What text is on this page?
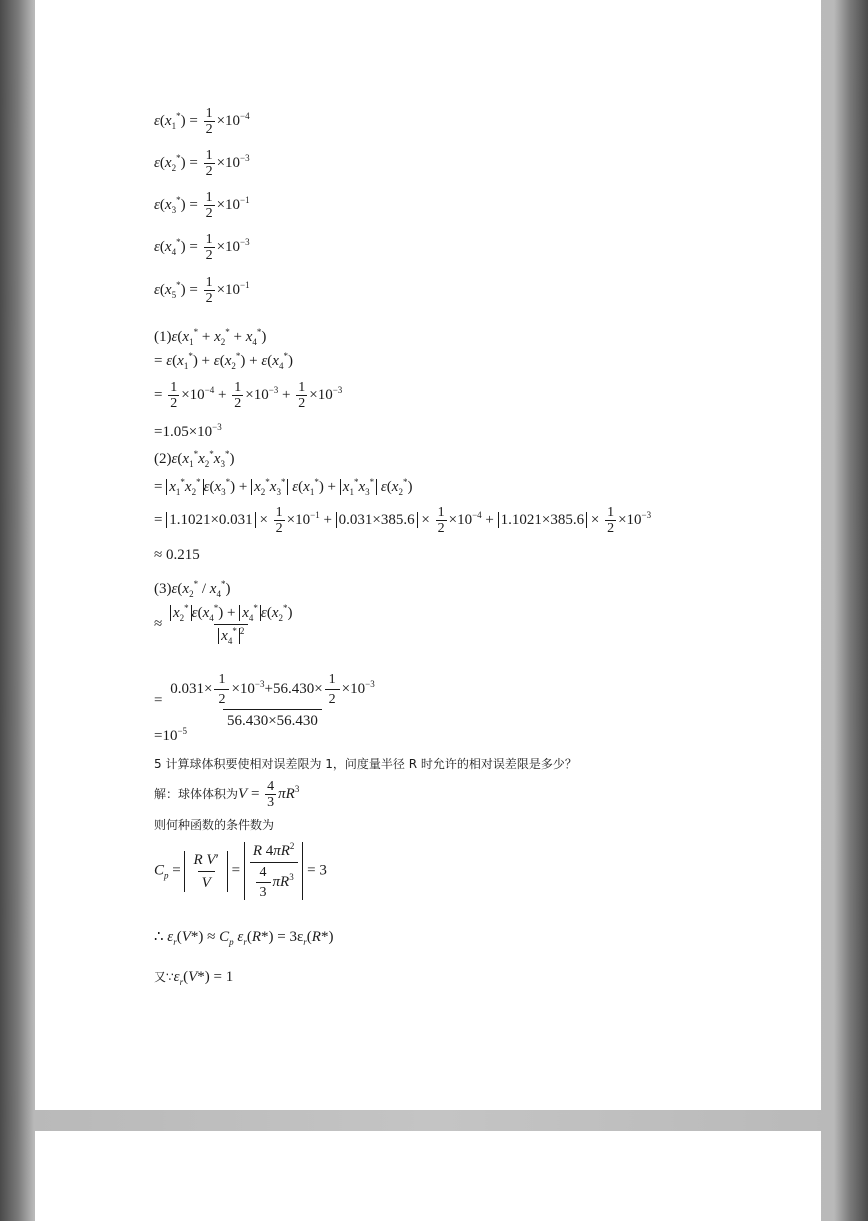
$\varepsilon(x_1^*) = \frac{1}{2} \times 10^{-4}$
$\varepsilon(x_2^*) = \frac{1}{2} \times 10^{-3}$
$\varepsilon(x_3^*) = \frac{1}{2} \times 10^{-1}$
$\varepsilon(x_4^*) = \frac{1}{2} \times 10^{-3}$
$\varepsilon(x_5^*) = \frac{1}{2} \times 10^{-1}$
$(1)\varepsilon(x_1^* + x_2^* + x_4^*)$
= $\varepsilon(x_1^*) + \varepsilon(x_2^*) + \varepsilon(x_4^*)$
= $\frac{1}{2} \times 10^{-4} + \frac{1}{2} \times 10^{-3} + \frac{1}{2} \times 10^{-3}$
$=1.05\times 10^{-3}$
$(2)\varepsilon(x_1^*x_2^*x_3^*)$
= $x_1^*x_2^*$ $\varepsilon(x_3^*) + x_2^*x_3^*$ $\varepsilon(x_1^*) + x_1^*x_3^*$ $\varepsilon(x_2^*)$
= $1.1021\times 0.031 \times \frac{1}{2} \times 10^{-1} + 0.031\times 385.6 \times \frac{1}{2} \times 10^{-4} + 1.1021\times 385.6 \times \frac{1}{2} \times 10^{-3}$
≈ 0.215
$(3)\varepsilon(x_2^* / x_4^*)$
≈ $\frac{x_2^* \varepsilon(x_4^*) + x_4^* \varepsilon(x_2^*)}{x_4^* ^2}$
= $\frac{0.031\times \frac{1}{2} \times 10^{-3}+56.430\times \frac{1}{2} \times 10^{-3}}{56.430\times 56.430}$
$=10^{-5}$
5 计算球体积要使相对误差限为 1，问度量半径 R 时允许的相对误差限是多少？
解：球体体积为$V = \frac{4}{3} \pi R^3$
则何种函数的条件数为
$C_p = \frac{\text{R V′}}{V} = \frac{R 4\pi R^2}{\frac{4}{3} \pi R^3} = 3$
∴ $\varepsilon_r(V*) \approx C_p$ $\varepsilon_r(R*) = 3\varepsilon_r(R*)$
又$\because\varepsilon_r(V*) = 1$
